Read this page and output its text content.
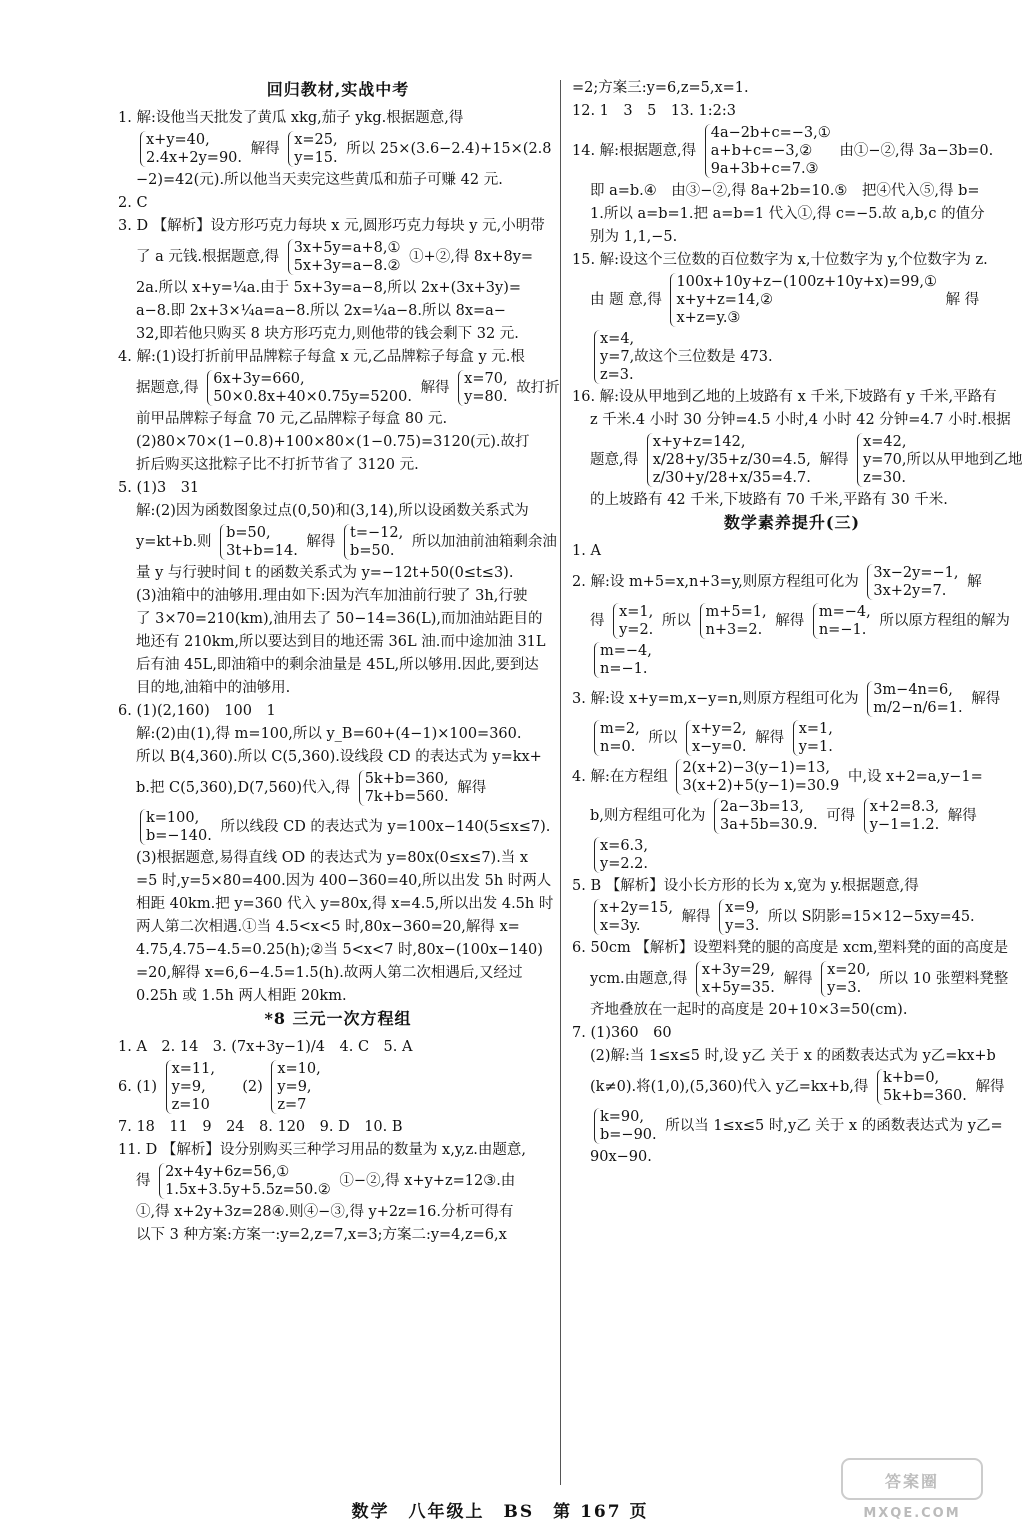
回归教材,实战中考
1. 解:设他当天批发了黄瓜 xkg,茄子 ykg.根据题意,得
x+y=40,
2.4x+2y=90.
解得
x=25,
y=15.
所以 25×(3.6−2.4)+15×(2.8
−2)=42(元).所以他当天卖完这些黄瓜和茄子可赚 42 元.
2. C
3. D 【解析】设方形巧克力每块 x 元,圆形巧克力每块 y 元,小明带
了 a 元钱.根据题意,得
3x+5y=a+8,①
5x+3y=a−8.②
①+②,得 8x+8y=
2a.所以 x+y=¼a.由于 5x+3y=a−8,所以 2x+(3x+3y)=
a−8.即 2x+3×¼a=a−8.所以 2x=¼a−8.所以 8x=a−
32,即若他只购买 8 块方形巧克力,则他带的钱会剩下 32 元.
4. 解:(1)设打折前甲品牌粽子每盒 x 元,乙品牌粽子每盒 y 元.根
据题意,得
6x+3y=660,
50×0.8x+40×0.75y=5200.
解得
x=70,
y=80.
故打折
前甲品牌粽子每盒 70 元,乙品牌粽子每盒 80 元.
(2)80×70×(1−0.8)+100×80×(1−0.75)=3120(元).故打
折后购买这批粽子比不打折节省了 3120 元.
5. (1)3　31
解:(2)因为函数图象过点(0,50)和(3,14),所以设函数关系式为
y=kt+b.则
b=50,
3t+b=14.
解得
t=−12,
b=50.
所以加油前油箱剩余油
量 y 与行驶时间 t 的函数关系式为 y=−12t+50(0≤t≤3).
(3)油箱中的油够用.理由如下:因为汽车加油前行驶了 3h,行驶
了 3×70=210(km),油用去了 50−14=36(L),而加油站距目的
地还有 210km,所以要达到目的地还需 36L 油.而中途加油 31L
后有油 45L,即油箱中的剩余油量是 45L,所以够用.因此,要到达
目的地,油箱中的油够用.
6. (1)(2,160)　100　1
解:(2)由(1),得 m=100,所以 y_B=60+(4−1)×100=360.
所以 B(4,360).所以 C(5,360).设线段 CD 的表达式为 y=kx+
b.把 C(5,360),D(7,560)代入,得
5k+b=360,
7k+b=560.
解得
k=100,
b=−140.
所以线段 CD 的表达式为 y=100x−140(5≤x≤7).
(3)根据题意,易得直线 OD 的表达式为 y=80x(0≤x≤7).当 x
=5 时,y=5×80=400.因为 400−360=40,所以出发 5h 时两人
相距 40km.把 y=360 代入 y=80x,得 x=4.5,所以出发 4.5h 时
两人第二次相遇.①当 4.5<x<5 时,80x−360=20,解得 x=
4.75,4.75−4.5=0.25(h);②当 5<x<7 时,80x−(100x−140)
=20,解得 x=6,6−4.5=1.5(h).故两人第二次相遇后,又经过
0.25h 或 1.5h 两人相距 20km.
*8 三元一次方程组
1. A　2. 14　3. (7x+3y−1)/4　4. C　5. A
6. (1)
x=11,
y=9,
z=10
(2)
x=10,
y=9,
z=7
7. 18　11　9　24　8. 120　9. D　10. B
11. D 【解析】设分别购买三种学习用品的数量为 x,y,z.由题意,
得
2x+4y+6z=56,①
1.5x+3.5y+5.5z=50.②
①−②,得 x+y+z=12③.由
①,得 x+2y+3z=28④.则④−③,得 y+2z=16.分析可得有
以下 3 种方案:方案一:y=2,z=7,x=3;方案二:y=4,z=6,x
=2;方案三:y=6,z=5,x=1.
12. 1　3　5　13. 1:2:3
14. 解:根据题意,得
4a−2b+c=−3,①
a+b+c=−3,②
9a+3b+c=7.③
由①−②,得 3a−3b=0.
即 a=b.④　由③−②,得 8a+2b=10.⑤　把④代入⑤,得 b=
1.所以 a=b=1.把 a=b=1 代入①,得 c=−5.故 a,b,c 的值分
别为 1,1,−5.
15. 解:设这个三位数的百位数字为 x,十位数字为 y,个位数字为 z.
由 题 意,得
100x+10y+z−(100z+10y+x)=99,①
x+y+z=14,②
x+z=y.③
解 得
x=4,
y=7,故这个三位数是 473.
z=3.
16. 解:设从甲地到乙地的上坡路有 x 千米,下坡路有 y 千米,平路有
z 千米.4 小时 30 分钟=4.5 小时,4 小时 42 分钟=4.7 小时.根据
题意,得
x+y+z=142,
x/28+y/35+z/30=4.5,
z/30+y/28+x/35=4.7.
解得
x=42,
y=70,所以从甲地到乙地
z=30.
的上坡路有 42 千米,下坡路有 70 千米,平路有 30 千米.
数学素养提升(三)
1. A
2. 解:设 m+5=x,n+3=y,则原方程组可化为
3x−2y=−1,
3x+2y=7.
解
得
x=1,
y=2.
所以
m+5=1,
n+3=2.
解得
m=−4,
n=−1.
所以原方程组的解为
m=−4,
n=−1.
3. 解:设 x+y=m,x−y=n,则原方程组可化为
3m−4n=6,
m/2−n/6=1.
解得
m=2,
n=0.
所以
x+y=2,
x−y=0.
解得
x=1,
y=1.
4. 解:在方程组
2(x+2)−3(y−1)=13,
3(x+2)+5(y−1)=30.9
中,设 x+2=a,y−1=
b,则方程组可化为
2a−3b=13,
3a+5b=30.9.
可得
x+2=8.3,
y−1=1.2.
解得
x=6.3,
y=2.2.
5. B 【解析】设小长方形的长为 x,宽为 y.根据题意,得
x+2y=15,
x=3y.
解得
x=9,
y=3.
所以 S阴影=15×12−5xy=45.
6. 50cm 【解析】设塑料凳的腿的高度是 xcm,塑料凳的面的高度是
ycm.由题意,得
x+3y=29,
x+5y=35.
解得
x=20,
y=3.
所以 10 张塑料凳整
齐地叠放在一起时的高度是 20+10×3=50(cm).
7. (1)360　60
(2)解:当 1≤x≤5 时,设 y乙 关于 x 的函数表达式为 y乙=kx+b
(k≠0).将(1,0),(5,360)代入 y乙=kx+b,得
k+b=0,
5k+b=360.
解得
k=90,
b=−90.
所以当 1≤x≤5 时,y乙 关于 x 的函数表达式为 y乙=
90x−90.
数学　八年级上　BS　第 167 页
答案圈
MXQE.COM
